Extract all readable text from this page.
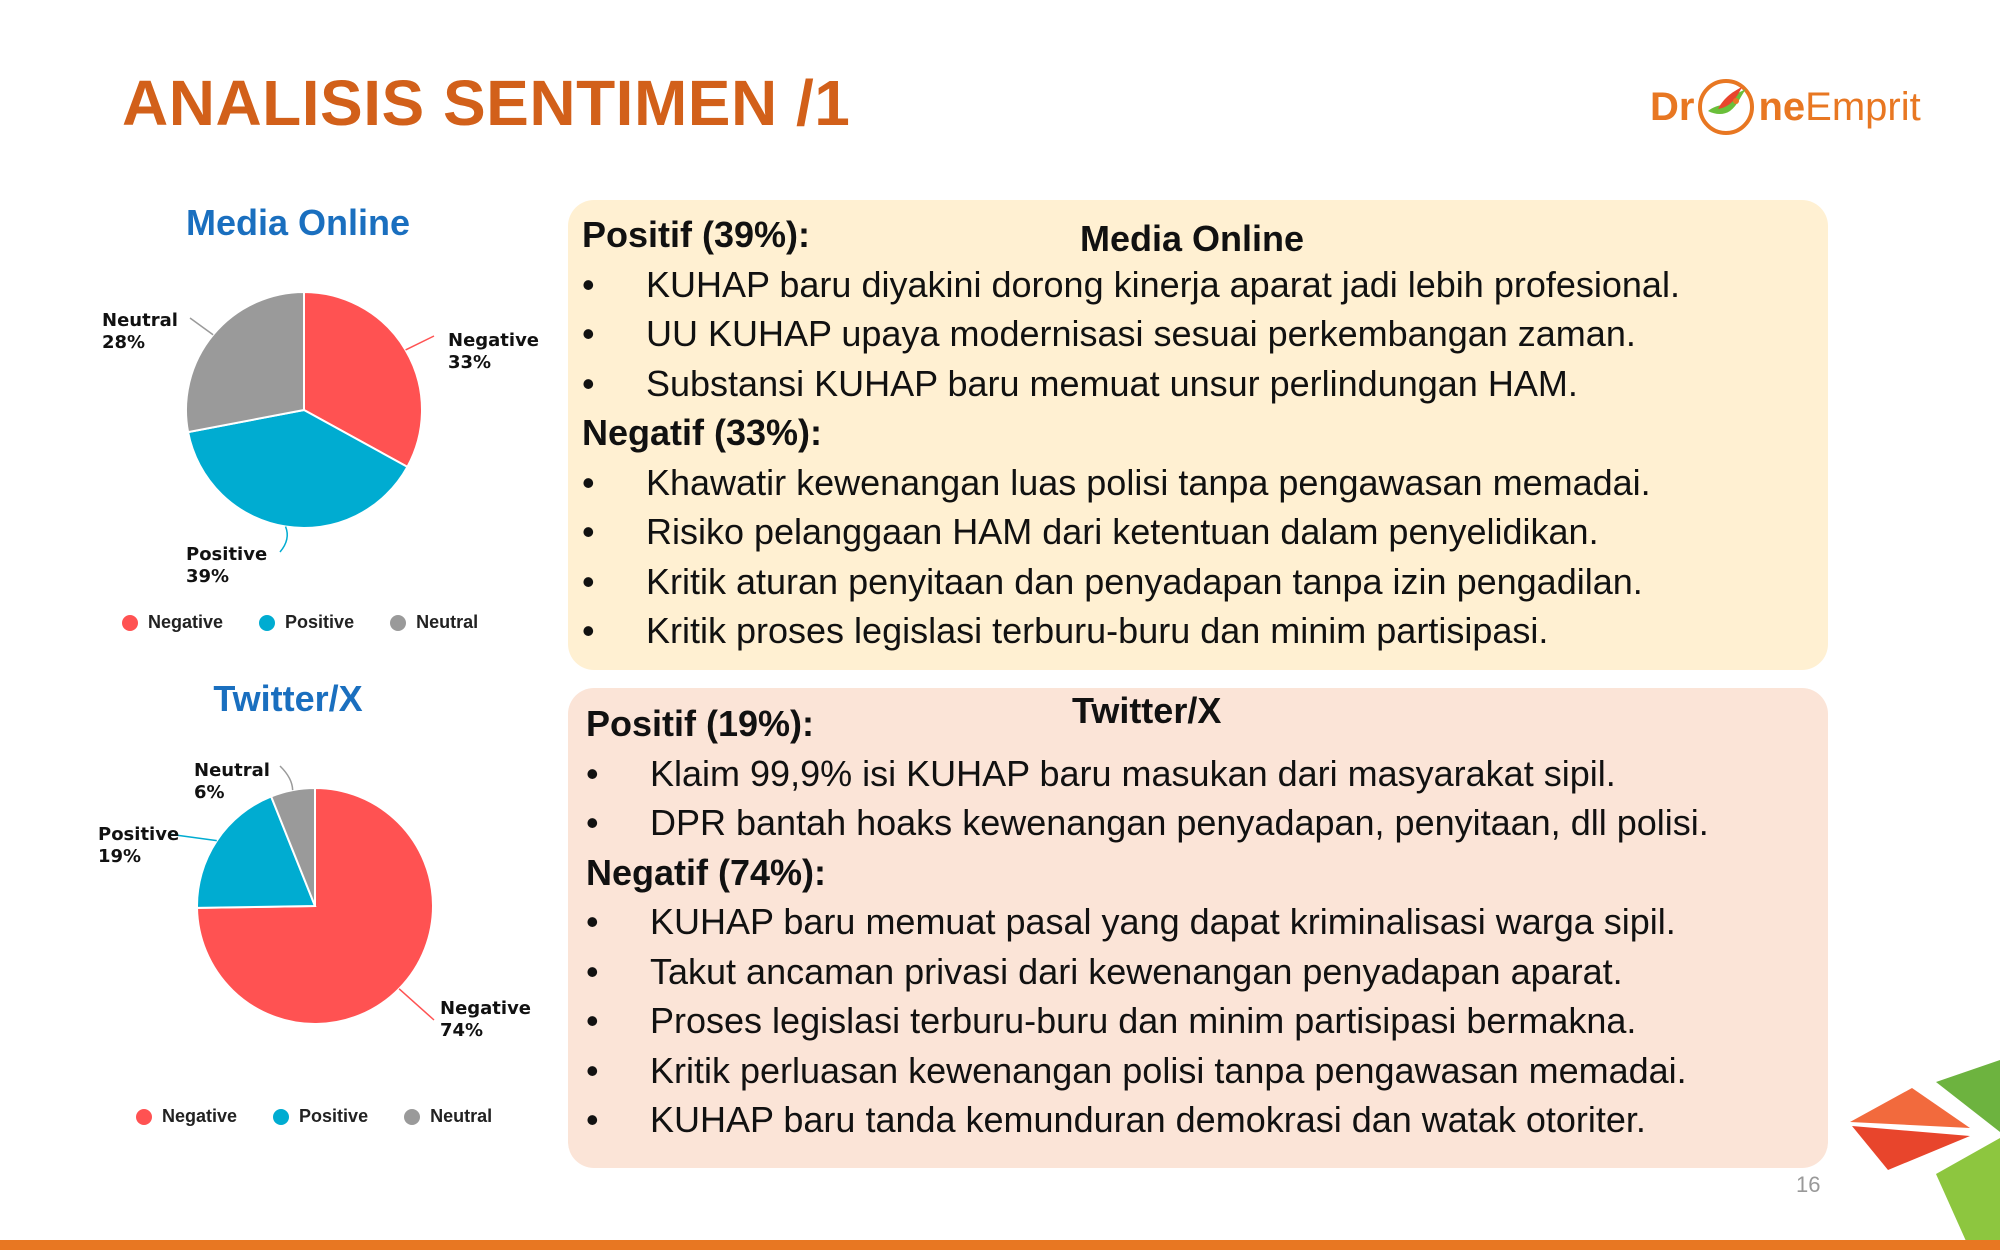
ANALISIS SENTIMEN /1	Dr ne Emprit
Media Online
Negative
33%
Positive
39%
Neutral
28%
Negative	Positive	Neutral
Twitter/X
Negative
74%
Positive
19%
Neutral
6%
Negative	Positive	Neutral
Media Online
Positif (39%):
•	KUHAP baru diyakini dorong kinerja aparat jadi lebih profesional.
•	UU KUHAP upaya modernisasi sesuai perkembangan zaman.
•	Substansi KUHAP baru memuat unsur perlindungan HAM.
Negatif (33%):
•	Khawatir kewenangan luas polisi tanpa pengawasan memadai.
•	Risiko pelanggaan HAM dari ketentuan dalam penyelidikan.
•	Kritik aturan penyitaan dan penyadapan tanpa izin pengadilan.
•	Kritik proses legislasi terburu-buru dan minim partisipasi.
Twitter/X
Positif (19%):
•	Klaim 99,9% isi KUHAP baru masukan dari masyarakat sipil.
•	DPR bantah hoaks kewenangan penyadapan, penyitaan, dll polisi.
Negatif (74%):
•	KUHAP baru memuat pasal yang dapat kriminalisasi warga sipil.
•	Takut ancaman privasi dari kewenangan penyadapan aparat.
•	Proses legislasi terburu-buru dan minim partisipasi bermakna.
•	Kritik perluasan kewenangan polisi tanpa pengawasan memadai.
•	KUHAP baru tanda kemunduran demokrasi dan watak otoriter.
16
